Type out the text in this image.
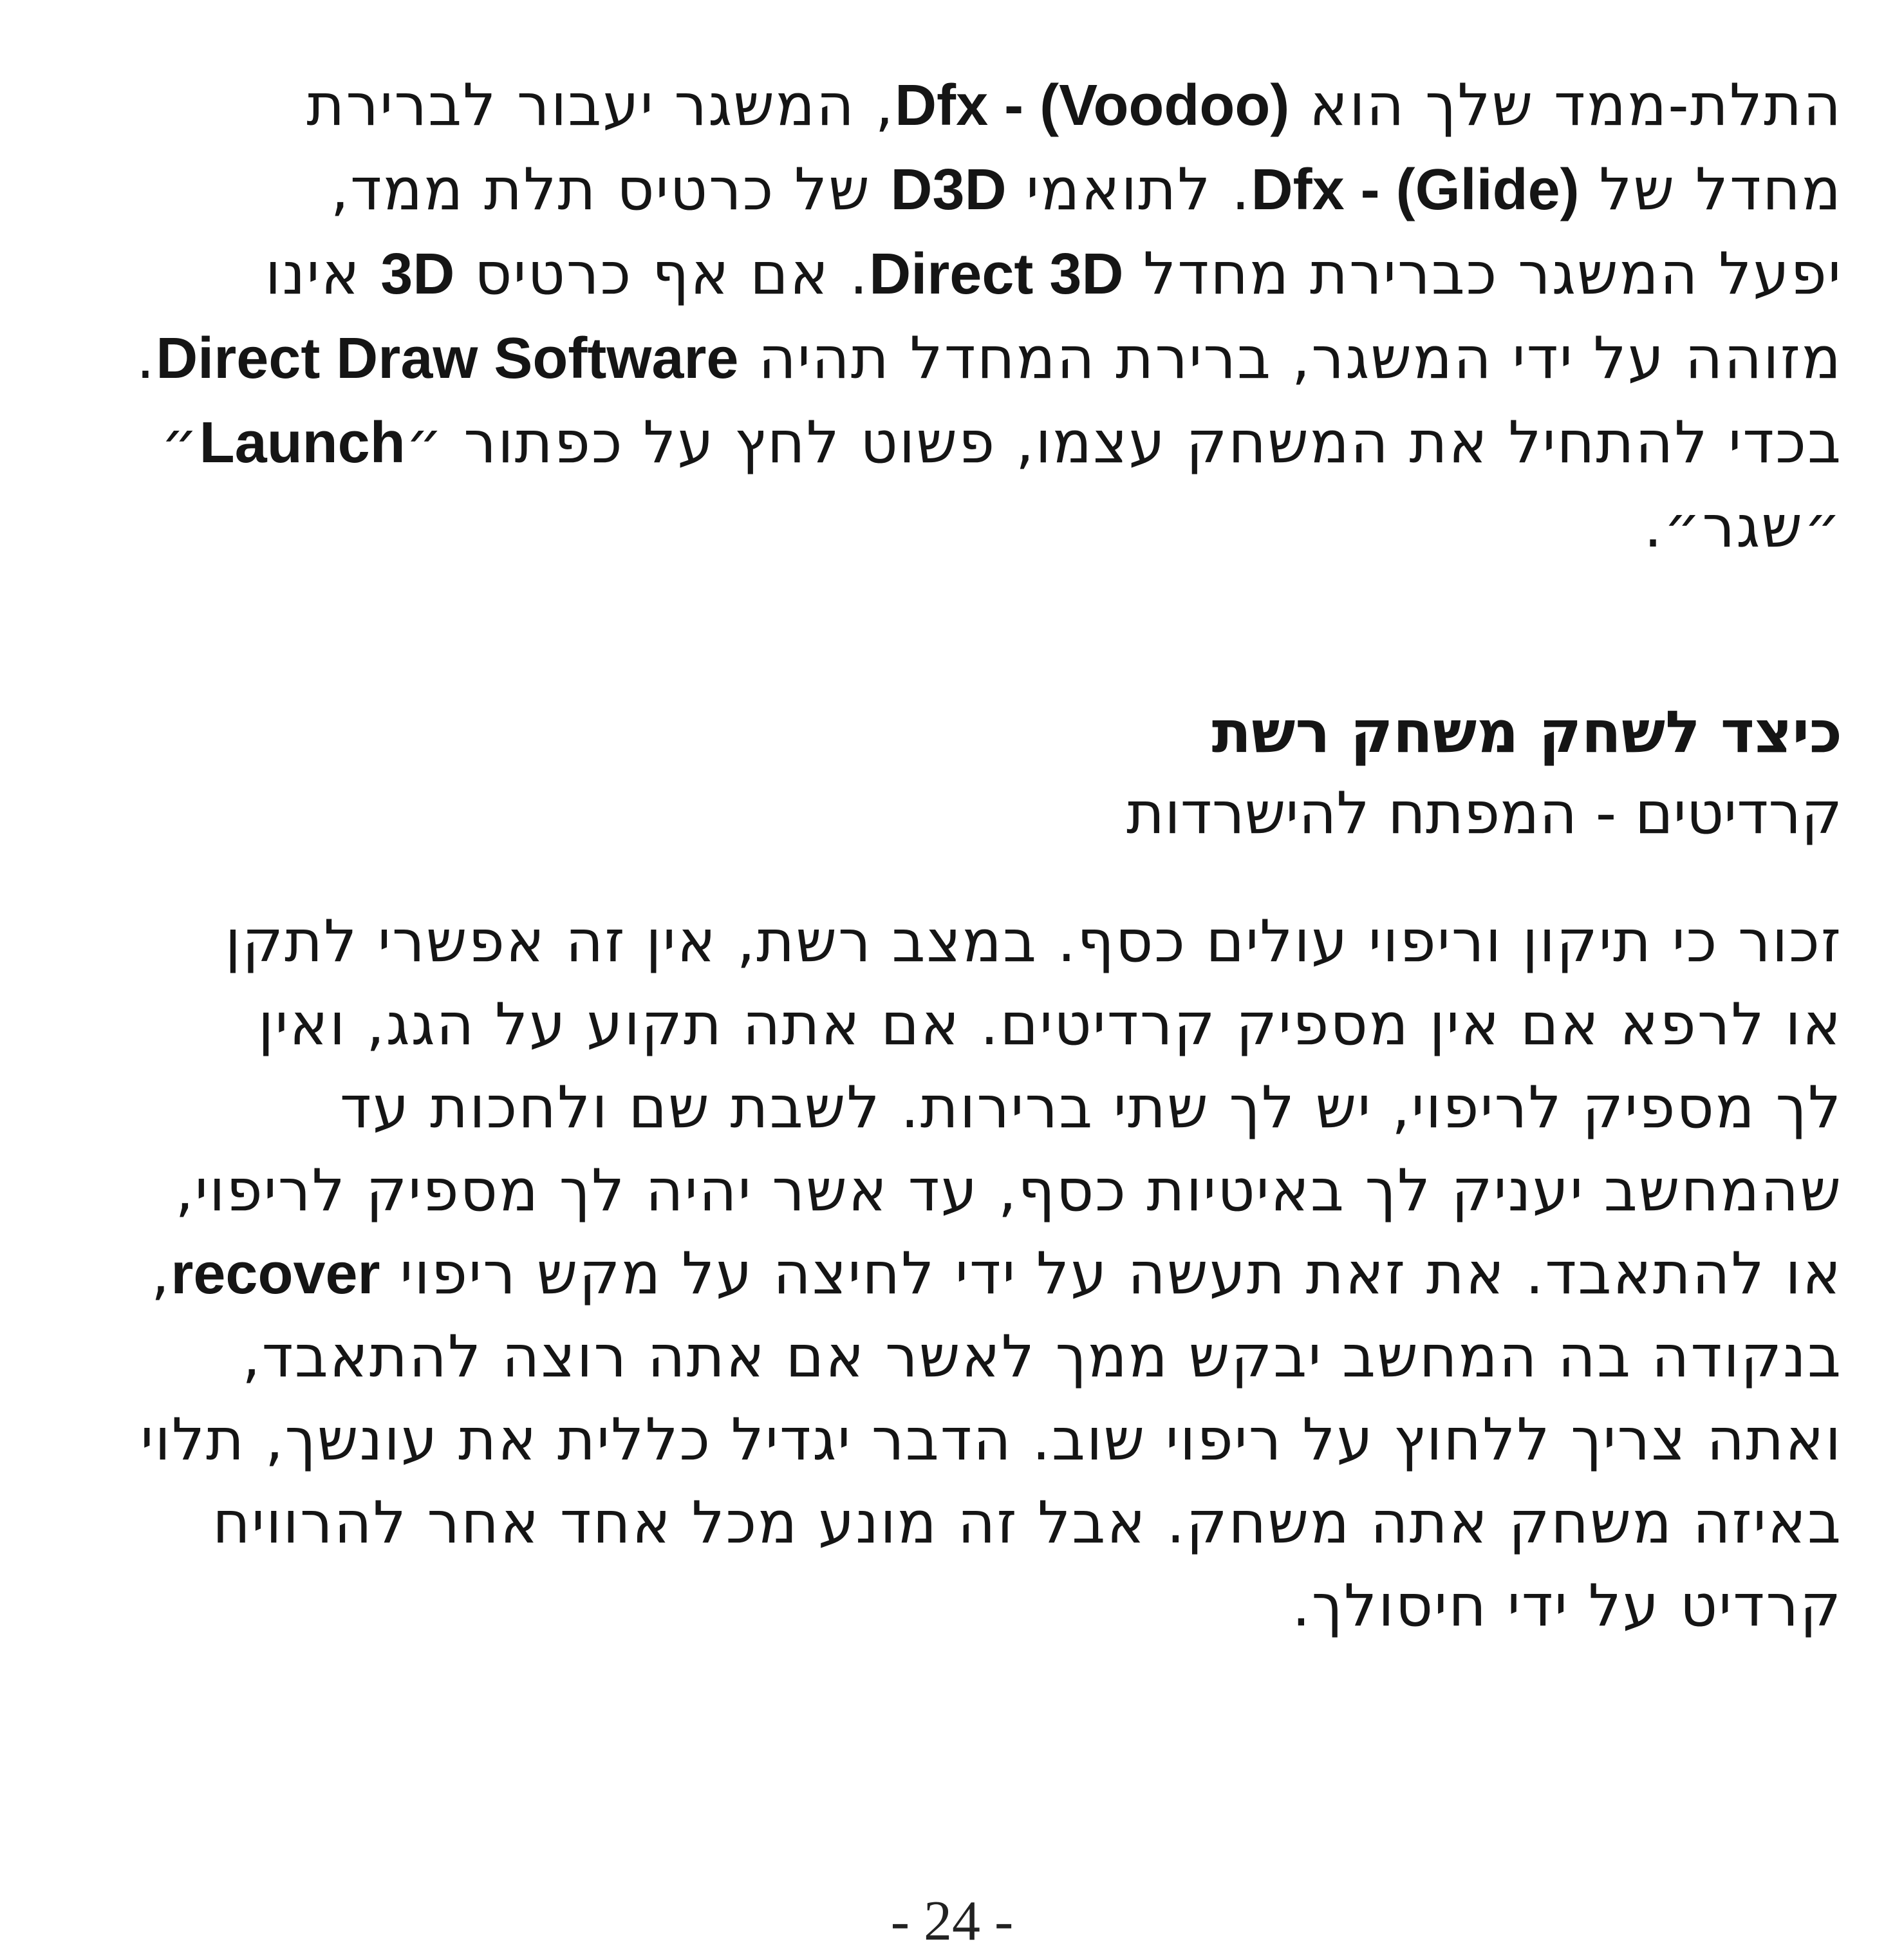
התלת-ממד שלך הוא Dfx - (Voodoo), המשגר יעבור לברירת
מחדל של Dfx - (Glide). לתואמי D3D של כרטיס תלת ממד,
יפעל המשגר כברירת מחדל Direct 3D. אם אף כרטיס 3D אינו
מזוהה על ידי המשגר, ברירת המחדל תהיה Direct Draw Software.
בכדי להתחיל את המשחק עצמו, פשוט לחץ על כפתור ״Launch״
״שגר״.
כיצד לשחק משחק רשת
קרדיטים - המפתח להישרדות
זכור כי תיקון וריפוי עולים כסף. במצב רשת, אין זה אפשרי לתקן
או לרפא אם אין מספיק קרדיטים. אם אתה תקוע על הגג, ואין
לך מספיק לריפוי, יש לך שתי ברירות. לשבת שם ולחכות עד
שהמחשב יעניק לך באיטיות כסף, עד אשר יהיה לך מספיק לריפוי,
או להתאבד. את זאת תעשה על ידי לחיצה על מקש ריפוי recover,
בנקודה בה המחשב יבקש ממך לאשר אם אתה רוצה להתאבד,
ואתה צריך ללחוץ על ריפוי שוב. הדבר יגדיל כללית את עונשך, תלוי
באיזה משחק אתה משחק. אבל זה מונע מכל אחד אחר להרוויח
קרדיט על ידי חיסולך.
- 24 -
